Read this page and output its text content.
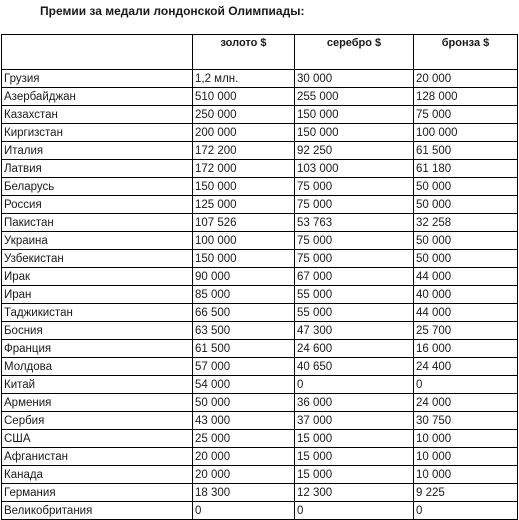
Премии за медали лондонской Олимпиады:
	золото $	серебро $	бронза $
Грузия	1,2 млн.	30 000	20 000
Азербайджан	510 000	255 000	128 000
Казахстан	250 000	150 000	75 000
Киргизстан	200 000	150 000	100 000
Италия	172 200	92 250	61 500
Латвия	172 000	103 000	61 180
Беларусь	150 000	75 000	50 000
Россия	125 000	75 000	50 000
Пакистан	107 526	53 763	32 258
Украина	100 000	75 000	50 000
Узбекистан	150 000	75 000	50 000
Ирак	90 000	67 000	44 000
Иран	85 000	55 000	40 000
Таджикистан	66 500	55 000	44 000
Босния	63 500	47 300	25 700
Франция	61 500	24 600	16 000
Молдова	57 000	40 650	24 400
Китай	54 000	0	0
Армения	50 000	36 000	24 000
Сербия	43 000	37 000	30 750
США	25 000	15 000	10 000
Афганистан	20 000	15 000	10 000
Канада	20 000	15 000	10 000
Германия	18 300	12 300	9 225
Великобритания	0	0	0
